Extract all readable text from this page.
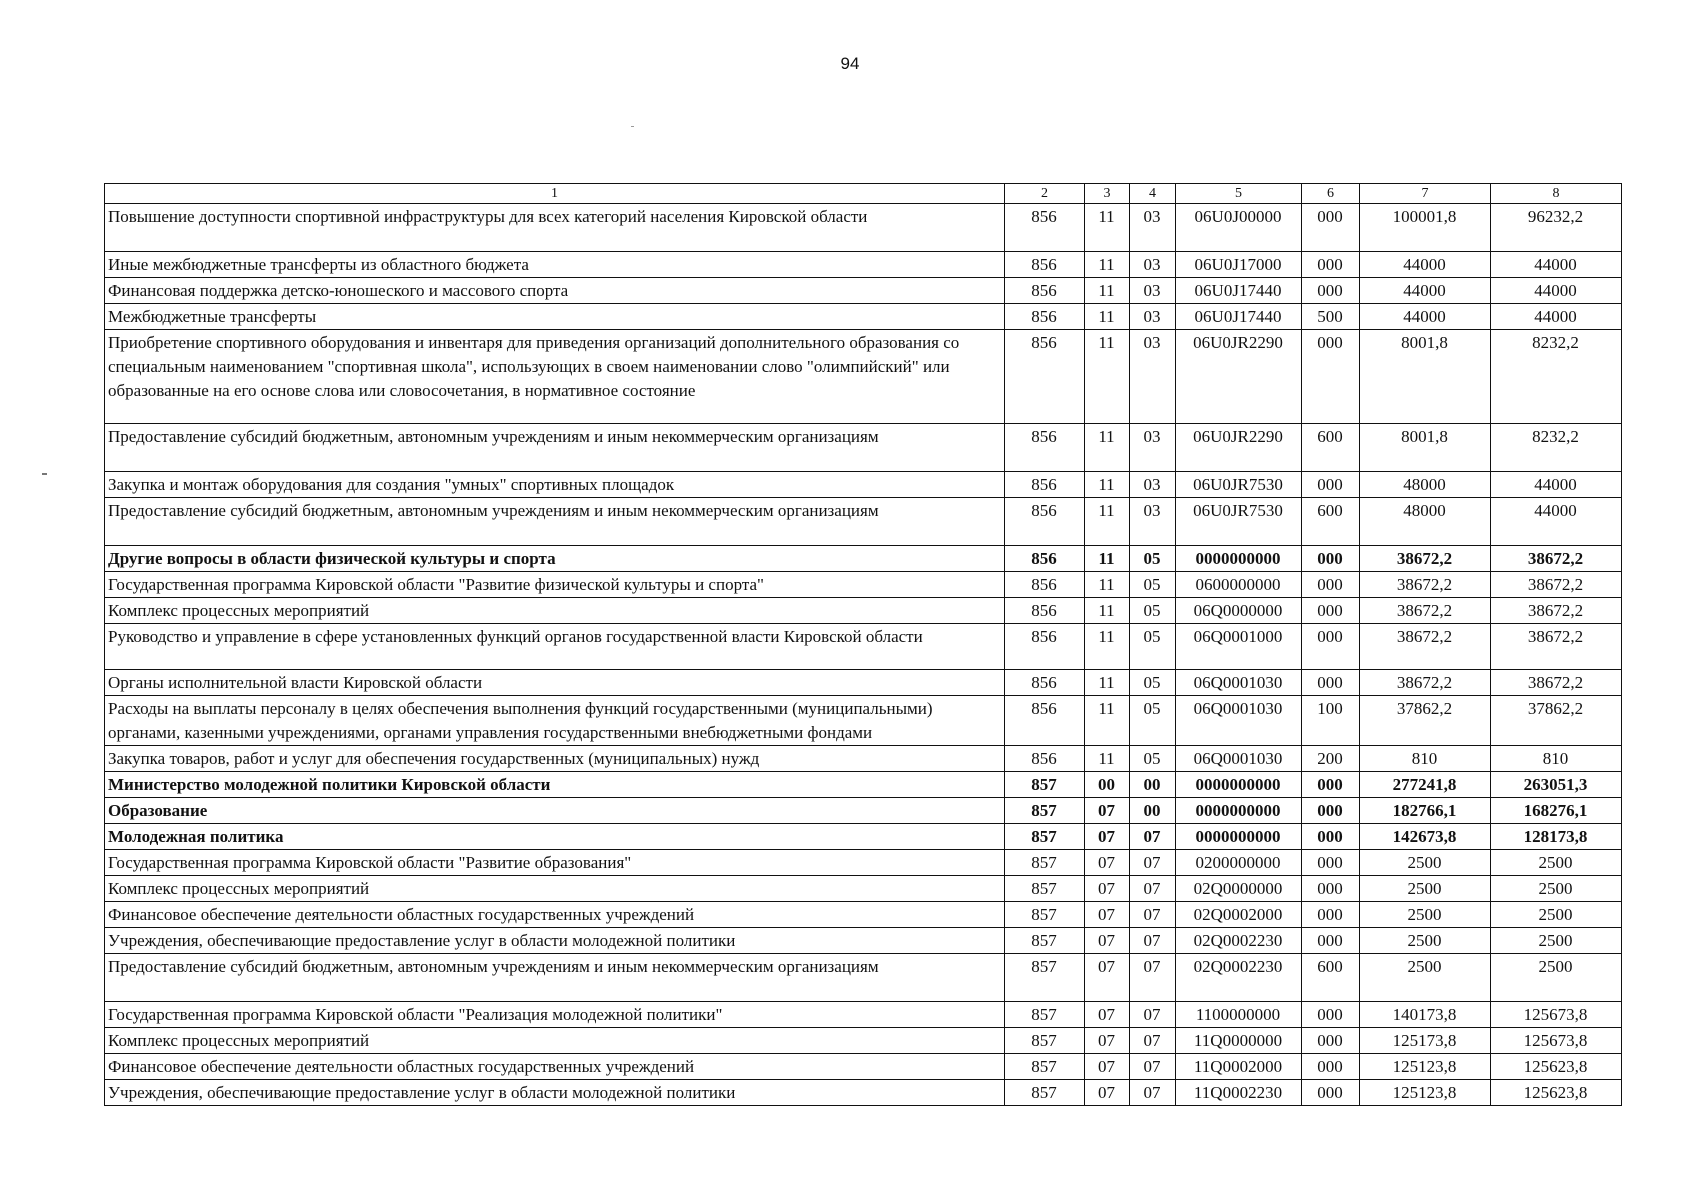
94
1	2	3	4	5	6	7	8
Повышение доступности спортивной инфраструктуры для всех категорий населения Кировской области	856	11	03	06U0J00000	000	100001,8	96232,2
Иные межбюджетные трансферты из областного бюджета	856	11	03	06U0J17000	000	44000	44000
Финансовая поддержка детско-юношеского и массового спорта	856	11	03	06U0J17440	000	44000	44000
Межбюджетные трансферты	856	11	03	06U0J17440	500	44000	44000
Приобретение спортивного оборудования и инвентаря для приведения организаций дополнительного образования со специальным наименованием "спортивная школа", использующих в своем наименовании слово "олимпийский" или образованные на его основе слова или словосочетания, в нормативное состояние	856	11	03	06U0JR2290	000	8001,8	8232,2
Предоставление субсидий бюджетным, автономным учреждениям и иным некоммерческим организациям	856	11	03	06U0JR2290	600	8001,8	8232,2
Закупка и монтаж оборудования для создания "умных" спортивных площадок	856	11	03	06U0JR7530	000	48000	44000
Предоставление субсидий бюджетным, автономным учреждениям и иным некоммерческим организациям	856	11	03	06U0JR7530	600	48000	44000
Другие вопросы в области физической культуры и спорта	856	11	05	0000000000	000	38672,2	38672,2
Государственная программа Кировской области "Развитие физической культуры и спорта"	856	11	05	0600000000	000	38672,2	38672,2
Комплекс процессных мероприятий	856	11	05	06Q0000000	000	38672,2	38672,2
Руководство и управление в сфере установленных функций органов государственной власти Кировской области	856	11	05	06Q0001000	000	38672,2	38672,2
Органы исполнительной власти Кировской области	856	11	05	06Q0001030	000	38672,2	38672,2
Расходы на выплаты персоналу в целях обеспечения выполнения функций государственными (муниципальными) органами, казенными учреждениями, органами управления государственными внебюджетными фондами	856	11	05	06Q0001030	100	37862,2	37862,2
Закупка товаров, работ и услуг для обеспечения государственных (муниципальных) нужд	856	11	05	06Q0001030	200	810	810
Министерство молодежной политики Кировской области	857	00	00	0000000000	000	277241,8	263051,3
Образование	857	07	00	0000000000	000	182766,1	168276,1
Молодежная политика	857	07	07	0000000000	000	142673,8	128173,8
Государственная программа Кировской области "Развитие образования"	857	07	07	0200000000	000	2500	2500
Комплекс процессных мероприятий	857	07	07	02Q0000000	000	2500	2500
Финансовое обеспечение деятельности областных государственных учреждений	857	07	07	02Q0002000	000	2500	2500
Учреждения, обеспечивающие предоставление услуг в области молодежной политики	857	07	07	02Q0002230	000	2500	2500
Предоставление субсидий бюджетным, автономным учреждениям и иным некоммерческим организациям	857	07	07	02Q0002230	600	2500	2500
Государственная программа Кировской области "Реализация молодежной политики"	857	07	07	1100000000	000	140173,8	125673,8
Комплекс процессных мероприятий	857	07	07	11Q0000000	000	125173,8	125673,8
Финансовое обеспечение деятельности областных государственных учреждений	857	07	07	11Q0002000	000	125123,8	125623,8
Учреждения, обеспечивающие предоставление услуг в области молодежной политики	857	07	07	11Q0002230	000	125123,8	125623,8
